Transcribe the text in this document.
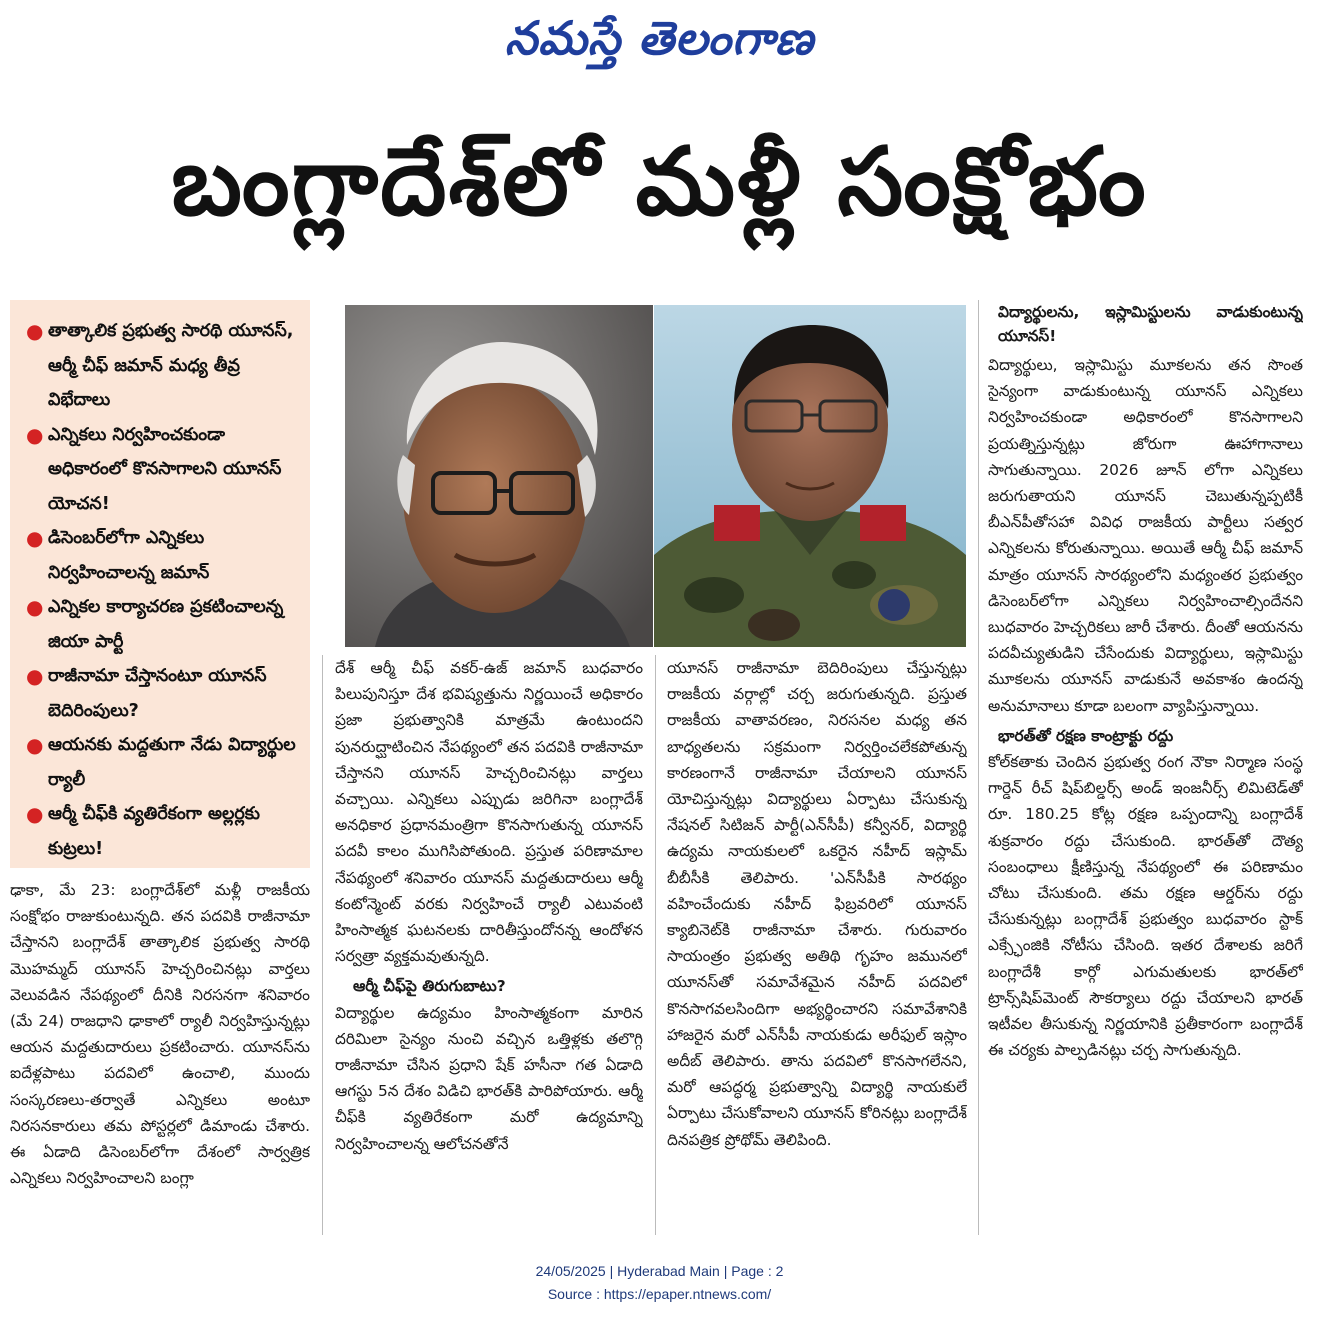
నమస్తే తెలంగాణ
బంగ్లాదేశ్‌లో మళ్లీ సంక్షోభం
● తాత్కాలిక ప్రభుత్వ సారథి యూనస్, ఆర్మీ చీఫ్ జమాన్ మధ్య తీవ్ర విభేదాలు
● ఎన్నికలు నిర్వహించకుండా అధికారంలో కొనసాగాలని యూనస్ యోచన!
● డిసెంబర్‌లోగా ఎన్నికలు నిర్వహించాలన్న జమాన్
● ఎన్నికల కార్యాచరణ ప్రకటించాలన్న జియా పార్టీ
● రాజీనామా చేస్తానంటూ యూనస్ బెదిరింపులు?
● ఆయనకు మద్దతుగా నేడు విద్యార్థుల ర్యాలీ
● ఆర్మీ చీఫ్‌కి వ్యతిరేకంగా అల్లర్లకు కుట్రలు!

ఢాకా, మే 23: బంగ్లాదేశ్‌లో మళ్లీ రాజకీయ సంక్షోభం రాజుకుంటున్నది. తన పదవికి రాజీనామా చేస్తానని బంగ్లాదేశ్ తాత్కాలిక ప్రభుత్వ సారథి మొహమ్మద్ యూనస్ హెచ్చరించినట్లు వార్తలు వెలువడిన నేపథ్యంలో దీనికి నిరసనగా శనివారం (మే 24) రాజధాని ఢాకాలో ర్యాలీ నిర్వహిస్తున్నట్లు ఆయన మద్దతుదారులు ప్రకటించారు. యూనస్‌ను ఐదేళ్లపాటు పదవిలో ఉంచాలి, ముందు సంస్కరణలు-తర్వాతే ఎన్నికలు అంటూ నిరసనకారులు తమ పోస్టర్లలో డిమాండు చేశారు. ఈ ఏడాది డిసెంబర్‌లోగా దేశంలో సార్వత్రిక ఎన్నికలు నిర్వహించాలని బంగ్లా

దేశ్ ఆర్మీ చీఫ్ వకర్-ఉజ్ జమాన్ బుధవారం పిలుపునిస్తూ దేశ భవిష్యత్తును నిర్ణయించే అధికారం ప్రజా ప్రభుత్వానికి మాత్రమే ఉంటుందని పునరుద్ఘాటించిన నేపథ్యంలో తన పదవికి రాజీనామా చేస్తానని యూనస్ హెచ్చరించినట్లు వార్తలు వచ్చాయి. ఎన్నికలు ఎప్పుడు జరిగినా బంగ్లాదేశ్ అనధికార ప్రధానమంత్రిగా కొనసాగుతున్న యూనస్ పదవీ కాలం ముగిసిపోతుంది. ప్రస్తుత పరిణామాల నేపథ్యంలో శనివారం యూనస్ మద్దతుదారులు ఆర్మీ కంటోన్మెంట్ వరకు నిర్వహించే ర్యాలీ ఎటువంటి హింసాత్మక ఘటనలకు దారితీస్తుందోనన్న ఆందోళన సర్వత్రా వ్యక్తమవుతున్నది.

ఆర్మీ చీఫ్‌పై తిరుగుబాటు?

విద్యార్థుల ఉద్యమం హింసాత్మకంగా మారిన దరిమిలా సైన్యం నుంచి వచ్చిన ఒత్తిళ్లకు తలొగ్గి రాజీనామా చేసిన ప్రధాని షేక్ హసీనా గత ఏడాది ఆగస్టు 5న దేశం విడిచి భారత్‌కి పారిపోయారు. ఆర్మీ చీఫ్‌కి వ్యతిరేకంగా మరో ఉద్యమాన్ని నిర్వహించాలన్న ఆలోచనతోనే

యూనస్ రాజీనామా బెదిరింపులు చేస్తున్నట్లు రాజకీయ వర్గాల్లో చర్చ జరుగుతున్నది. ప్రస్తుత రాజకీయ వాతావరణం, నిరసనల మధ్య తన బాధ్యతలను సక్రమంగా నిర్వర్తించలేకపోతున్న కారణంగానే రాజీనామా చేయాలని యూనస్ యోచిస్తున్నట్లు విద్యార్థులు ఏర్పాటు చేసుకున్న నేషనల్ సిటిజన్ పార్టీ(ఎన్‌సీపీ) కన్వీనర్, విద్యార్థి ఉద్యమ నాయకులలో ఒకరైన నహీద్ ఇస్లామ్ బీబీసీకి తెలిపారు. 'ఎన్‌సీపీకి సారథ్యం వహించేందుకు నహీద్ ఫిబ్రవరిలో యూనస్ క్యాబినెట్‌కి రాజీనామా చేశారు. గురువారం సాయంత్రం ప్రభుత్వ అతిథి గృహం జమునలో యూనస్‌తో సమావేశమైన నహీద్ పదవిలో కొనసాగవలసిందిగా అభ్యర్థించారని సమావేశానికి హాజరైన మరో ఎన్‌సీపీ నాయకుడు అరీఫుల్ ఇస్లాం అదీబ్ తెలిపారు. తాను పదవిలో కొనసాగలేనని, మరో ఆపద్ధర్మ ప్రభుత్వాన్ని విద్యార్థి నాయకులే ఏర్పాటు చేసుకోవాలని యూనస్ కోరినట్లు బంగ్లాదేశ్ దినపత్రిక ప్రోథోమ్ తెలిపింది.

విద్యార్థులను, ఇస్లామిస్టులను వాడుకుంటున్న యూనస్!

విద్యార్థులు, ఇస్లామిస్టు మూకలను తన సొంత సైన్యంగా వాడుకుంటున్న యూనస్ ఎన్నికలు నిర్వహించకుండా అధికారంలో కొనసాగాలని ప్రయత్నిస్తున్నట్లు జోరుగా ఊహాగానాలు సాగుతున్నాయి. 2026 జూన్ లోగా ఎన్నికలు జరుగుతాయని యూనస్ చెబుతున్నప్పటికీ బీఎన్‌పీతోసహా వివిధ రాజకీయ పార్టీలు సత్వర ఎన్నికలను కోరుతున్నాయి. అయితే ఆర్మీ చీఫ్ జమాన్ మాత్రం యూనస్ సారథ్యంలోని మధ్యంతర ప్రభుత్వం డిసెంబర్‌లోగా ఎన్నికలు నిర్వహించాల్సిందేనని బుధవారం హెచ్చరికలు జారీ చేశారు. దీంతో ఆయనను పదవీచ్యుతుడిని చేసేందుకు విద్యార్థులు, ఇస్లామిస్టు మూకలను యూనస్ వాడుకునే అవకాశం ఉందన్న అనుమానాలు కూడా బలంగా వ్యాపిస్తున్నాయి.

భారత్‌తో రక్షణ కాంట్రాక్టు రద్దు

కోల్‌కతాకు చెందిన ప్రభుత్వ రంగ నౌకా నిర్మాణ సంస్థ గార్డెన్ రీచ్ షిప్‌బిల్డర్స్ అండ్ ఇంజనీర్స్ లిమిటెడ్‌తో రూ. 180.25 కోట్ల రక్షణ ఒప్పందాన్ని బంగ్లాదేశ్ శుక్రవారం రద్దు చేసుకుంది. భారత్‌తో దౌత్య సంబంధాలు క్షీణిస్తున్న నేపథ్యంలో ఈ పరిణామం చోటు చేసుకుంది. తమ రక్షణ ఆర్డర్‌ను రద్దు చేసుకున్నట్లు బంగ్లాదేశ్ ప్రభుత్వం బుధవారం స్టాక్ ఎక్స్ఛేంజికి నోటీసు చేసింది. ఇతర దేశాలకు జరిగే బంగ్లాదేశీ కార్గో ఎగుమతులకు భారత్‌లో ట్రాన్స్‌షిప్‌మెంట్ సౌకర్యాలు రద్దు చేయాలని భారత్ ఇటీవల తీసుకున్న నిర్ణయానికి ప్రతీకారంగా బంగ్లాదేశ్ ఈ చర్యకు పాల్పడినట్లు చర్చ సాగుతున్నది.

24/05/2025 | Hyderabad Main | Page : 2
Source : https://epaper.ntnews.com/
